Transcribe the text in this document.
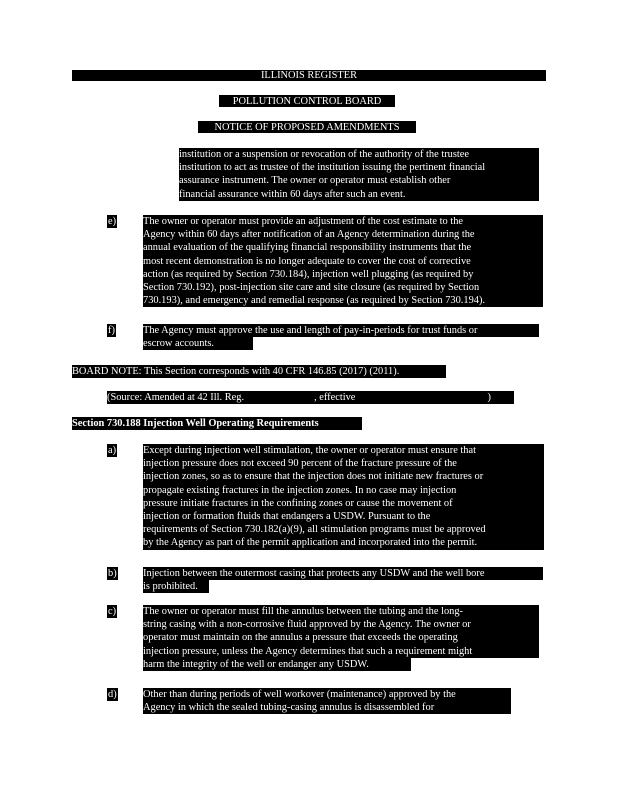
ILLINOIS REGISTER
POLLUTION CONTROL BOARD
NOTICE OF PROPOSED AMENDMENTS
institution or a suspension or revocation of the authority of the trustee
institution to act as trustee of the institution issuing the pertinent financial
assurance instrument. The owner or operator must establish other
financial assurance within 60 days after such an event.
e)	The owner or operator must provide an adjustment of the cost estimate to the
Agency within 60 days after notification of an Agency determination during the
annual evaluation of the qualifying financial responsibility instruments that the
most recent demonstration is no longer adequate to cover the cost of corrective
action (as required by Section 730.184), injection well plugging (as required by
Section 730.192), post-injection site care and site closure (as required by Section
730.193), and emergency and remedial response (as required by Section 730.194).
f)	The Agency must approve the use and length of pay-in-periods for trust funds or
escrow accounts.
BOARD NOTE: This Section corresponds with 40 CFR 146.85 (2017) (2011).
(Source: Amended at 42 Ill. Reg.	, effective	)
Section 730.188 Injection Well Operating Requirements
a)	Except during injection well stimulation, the owner or operator must ensure that
injection pressure does not exceed 90 percent of the fracture pressure of the
injection zones, so as to ensure that the injection does not initiate new fractures or
propagate existing fractures in the injection zones. In no case may injection
pressure initiate fractures in the confining zones or cause the movement of
injection or formation fluids that endangers a USDW. Pursuant to the
requirements of Section 730.182(a)(9), all stimulation programs must be approved
by the Agency as part of the permit application and incorporated into the permit.
b)	Injection between the outermost casing that protects any USDW and the well bore
is prohibited.
c)	The owner or operator must fill the annulus between the tubing and the long-
string casing with a non-corrosive fluid approved by the Agency. The owner or
operator must maintain on the annulus a pressure that exceeds the operating
injection pressure, unless the Agency determines that such a requirement might
harm the integrity of the well or endanger any USDW.
d)	Other than during periods of well workover (maintenance) approved by the
Agency in which the sealed tubing-casing annulus is disassembled for
